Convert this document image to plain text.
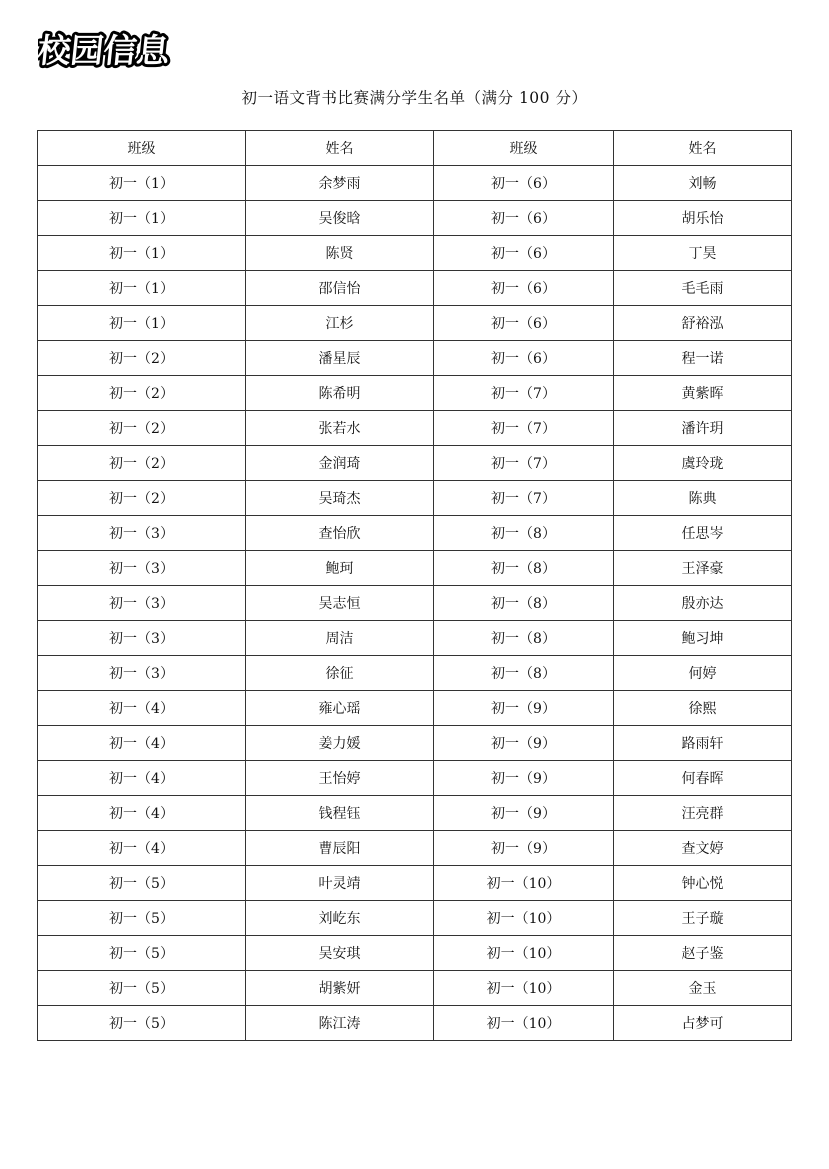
校园信息
初一语文背书比赛满分学生名单（满分 100 分）
班级	姓名	班级	姓名
初一（1）	余梦雨	初一（6）	刘畅
初一（1）	吴俊晗	初一（6）	胡乐怡
初一（1）	陈贤	初一（6）	丁昊
初一（1）	邵信怡	初一（6）	毛毛雨
初一（1）	江杉	初一（6）	舒裕泓
初一（2）	潘星辰	初一（6）	程一诺
初一（2）	陈希明	初一（7）	黄紫晖
初一（2）	张若水	初一（7）	潘许玥
初一（2）	金润琦	初一（7）	虞玲珑
初一（2）	吴琦杰	初一（7）	陈典
初一（3）	查怡欣	初一（8）	任思岑
初一（3）	鲍珂	初一（8）	王泽豪
初一（3）	吴志恒	初一（8）	殷亦达
初一（3）	周洁	初一（8）	鲍习坤
初一（3）	徐征	初一（8）	何婷
初一（4）	雍心瑶	初一（9）	徐熙
初一（4）	姜力媛	初一（9）	路雨轩
初一（4）	王怡婷	初一（9）	何春晖
初一（4）	钱程钰	初一（9）	汪亮群
初一（4）	曹辰阳	初一（9）	查文婷
初一（5）	叶灵靖	初一（10）	钟心悦
初一（5）	刘屹东	初一（10）	王子璇
初一（5）	吴安琪	初一（10）	赵子鉴
初一（5）	胡紫妍	初一（10）	金玉
初一（5）	陈江涛	初一（10）	占梦可
